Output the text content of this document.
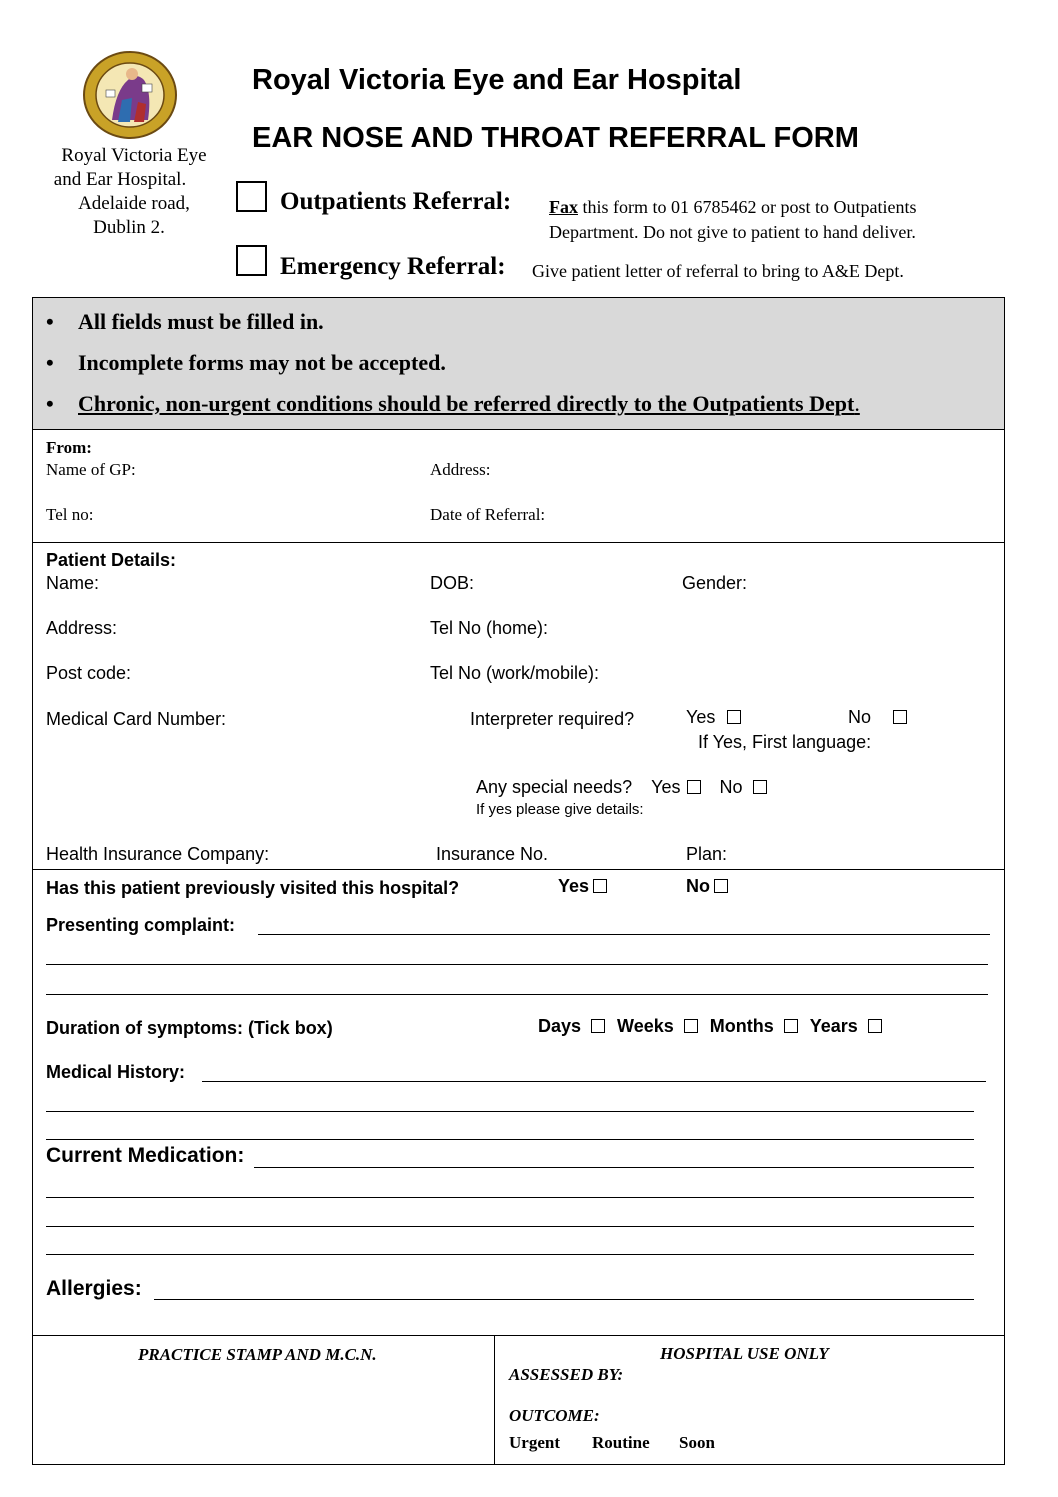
Royal Victoria Eye
and Ear Hospital.
Adelaide road,
Dublin 2.
Royal Victoria Eye and Ear Hospital
EAR NOSE AND THROAT REFERRAL FORM
Outpatients Referral: Fax this form to 01 6785462 or post to Outpatients
Department. Do not give to patient to hand deliver.
Emergency Referral: Give patient letter of referral to bring to A&E Dept.
• All fields must be filled in.
• Incomplete forms may not be accepted.
• Chronic, non-urgent conditions should be referred directly to the Outpatients Dept.
From:
Name of GP:	Address:
Tel no:	Date of Referral:
Patient Details:
Name:	DOB:	Gender:
Address:	Tel No (home):
Post code:	Tel No (work/mobile):
Medical Card Number:	Interpreter required?	Yes	No
If Yes, First language:
Any special needs? Yes No
If yes please give details:
Health Insurance Company:	Insurance No.	Plan:
Has this patient previously visited this hospital?	Yes	No
Presenting complaint:
Duration of symptoms: (Tick box)	Days Weeks Months Years
Medical History:
Current Medication:
Allergies:
PRACTICE STAMP AND M.C.N.	HOSPITAL USE ONLY
ASSESSED BY:
OUTCOME:
Urgent Routine Soon
